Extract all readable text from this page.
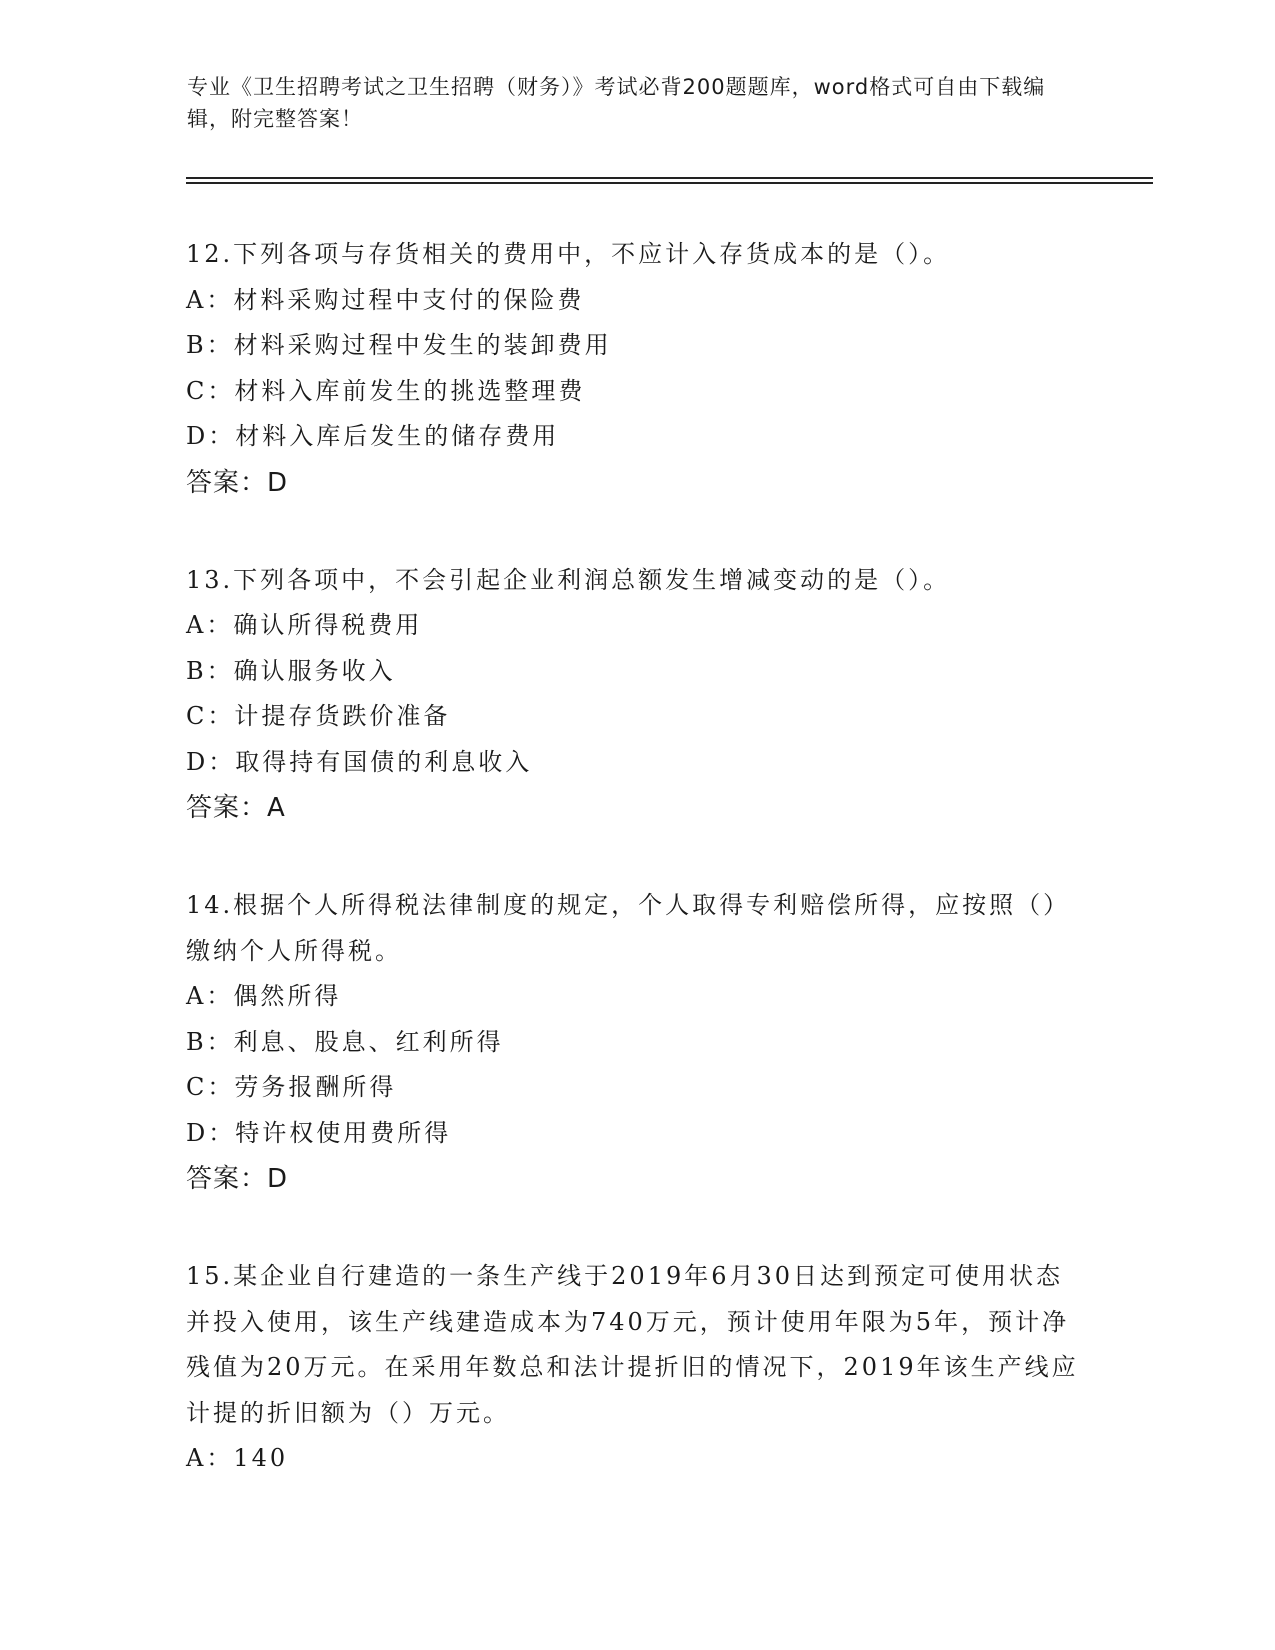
专业《卫生招聘考试之卫生招聘（财务）》考试必背200题题库，word格式可自由下载编辑，附完整答案！

12.下列各项与存货相关的费用中，不应计入存货成本的是（）。

A：材料采购过程中支付的保险费

B：材料采购过程中发生的装卸费用

C：材料入库前发生的挑选整理费

D：材料入库后发生的储存费用

答案：D

13.下列各项中，不会引起企业利润总额发生增减变动的是（）。

A：确认所得税费用

B：确认服务收入

C：计提存货跌价准备

D：取得持有国债的利息收入

答案：A

14.根据个人所得税法律制度的规定，个人取得专利赔偿所得，应按照（）缴纳个人所得税。

A：偶然所得

B：利息、股息、红利所得

C：劳务报酬所得

D：特许权使用费所得

答案：D

15.某企业自行建造的一条生产线于2019年6月30日达到预定可使用状态并投入使用，该生产线建造成本为740万元，预计使用年限为5年，预计净残值为20万元。在采用年数总和法计提折旧的情况下，2019年该生产线应计提的折旧额为（）万元。

A：140
